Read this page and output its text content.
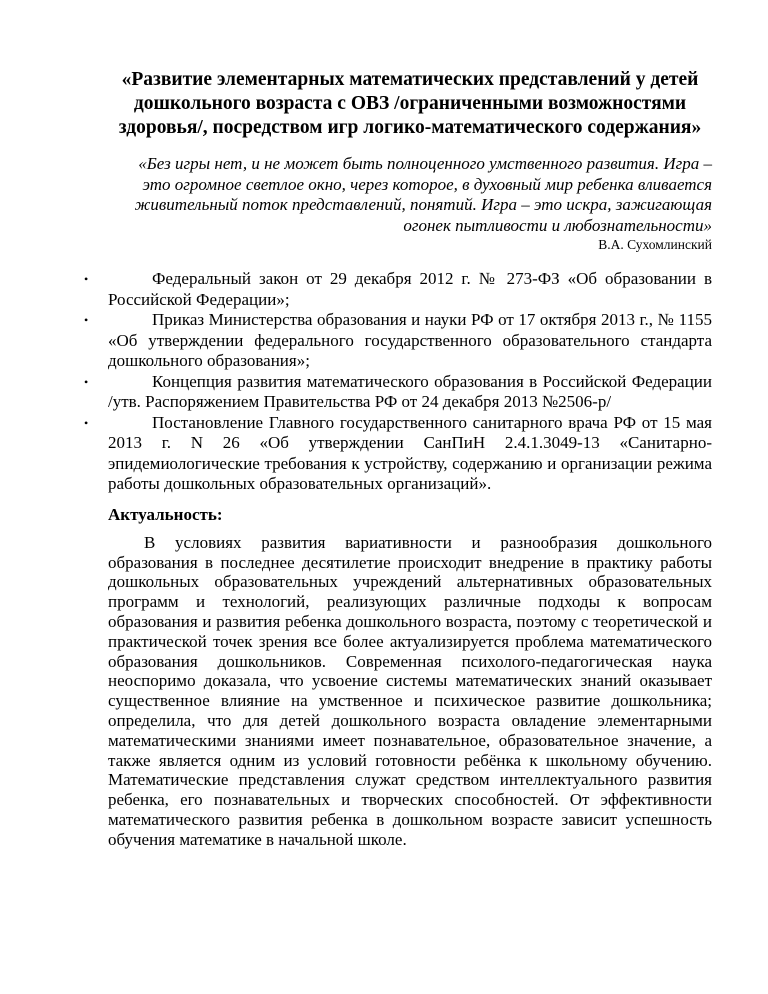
«Развитие элементарных математических представлений у детей дошкольного возраста с ОВЗ /ограниченными возможностями здоровья/, посредством игр логико-математического содержания»
«Без игры нет, и не может быть полноценного умственного развития. Игра – это огромное светлое окно, через которое, в духовный мир ребенка вливается живительный поток представлений, понятий. Игра – это искра, зажигающая огонек пытливости и любознательности»
В.А. Сухомлинский
•	Федеральный закон от 29 декабря 2012 г. № 273-ФЗ «Об образовании в Российской Федерации»;
•	Приказ Министерства образования и науки РФ от 17 октября 2013 г., № 1155 «Об утверждении федерального государственного образовательного стандарта дошкольного образования»;
•	Концепция развития математического образования в Российской Федерации /утв. Распоряжением Правительства РФ от 24 декабря 2013 №2506-р/
•	Постановление Главного государственного санитарного врача РФ от 15 мая 2013 г. N 26 «Об утверждении СанПиН 2.4.1.3049-13 «Санитарно-эпидемиологические требования к устройству, содержанию и организации режима работы дошкольных образовательных организаций».
Актуальность:
В условиях развития вариативности и разнообразия дошкольного образования в последнее десятилетие происходит внедрение в практику работы дошкольных образовательных учреждений альтернативных образовательных программ и технологий, реализующих различные подходы к вопросам образования и развития ребенка дошкольного возраста, поэтому с теоретической и практической точек зрения все более актуализируется проблема математического образования дошкольников. Современная психолого-педагогическая наука неоспоримо доказала, что усвоение системы математических знаний оказывает существенное влияние на умственное и психическое развитие дошкольника; определила, что для детей дошкольного возраста овладение элементарными математическими знаниями имеет познавательное, образовательное значение, а также является одним из условий готовности ребёнка к школьному обучению. Математические представления служат средством интеллектуального развития ребенка, его познавательных и творческих способностей. От эффективности математического развития ребенка в дошкольном возрасте зависит успешность обучения математике в начальной школе.
